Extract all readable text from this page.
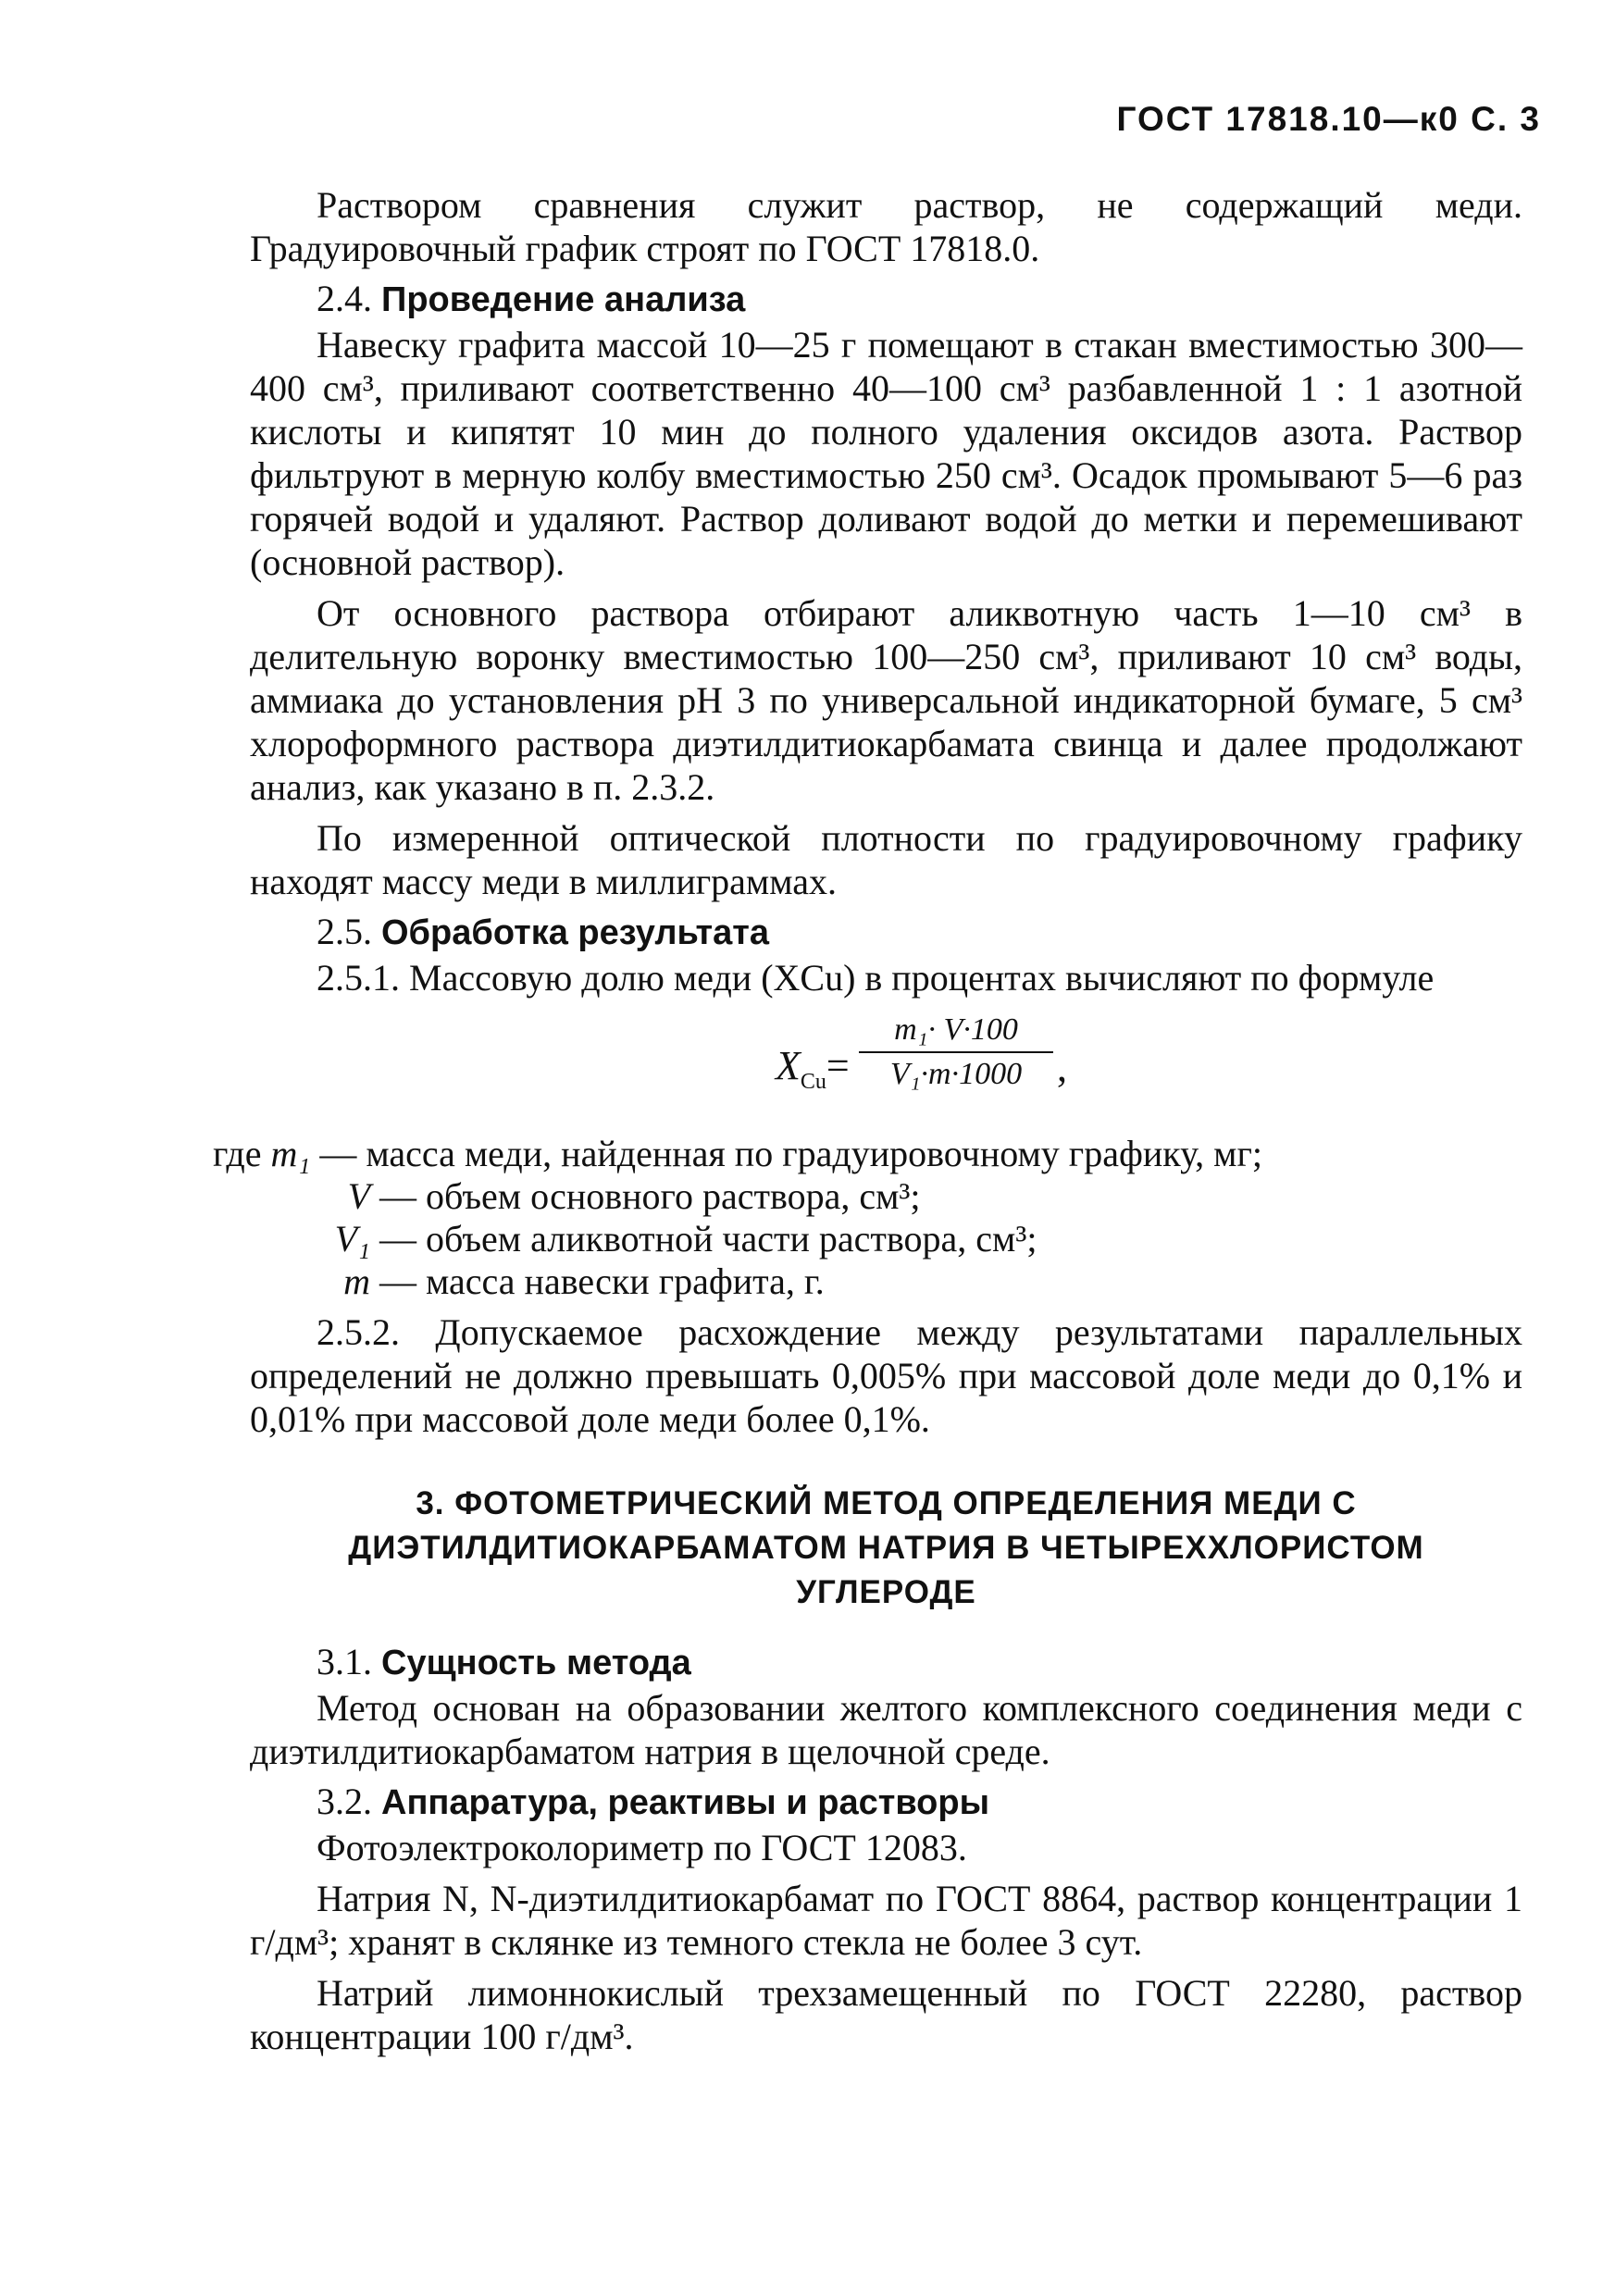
ГОСТ 17818.10—к0 С. 3

Раствором сравнения служит раствор, не содержащий меди. Градуировочный график строят по ГОСТ 17818.0.

2.4. Проведение анализа

Навеску графита массой 10—25 г помещают в стакан вместимостью 300—400 см³, приливают соответственно 40—100 см³ разбавленной 1 : 1 азотной кислоты и кипятят 10 мин до полного удаления оксидов азота. Раствор фильтруют в мерную колбу вместимостью 250 см³. Осадок промывают 5—6 раз горячей водой и удаляют. Раствор доливают водой до метки и перемешивают (основной раствор).

От основного раствора отбирают аликвотную часть 1—10 см³ в делительную воронку вместимостью 100—250 см³, приливают 10 см³ воды, аммиака до установления pH 3 по универсальной индикаторной бумаге, 5 см³ хлороформного раствора диэтилдитиокарбамата свинца и далее продолжают анализ, как указано в п. 2.3.2.

По измеренной оптической плотности по градуировочному графику находят массу меди в миллиграммах.

2.5. Обработка результата

2.5.1. Массовую долю меди (XCu) в процентах вычисляют по формуле

$X_{Cu}= \frac{\text{m₁· V·100}}{\text{V₁·m·1000}}$ ,

где m₁ — масса меди, найденная по градуировочному графику, мг;

V — объем основного раствора, см³;

V₁ — объем аликвотной части раствора, см³;

m — масса навески графита, г.

2.5.2. Допускаемое расхождение между результатами параллельных определений не должно превышать 0,005% при массовой доле меди до 0,1% и 0,01% при массовой доле меди более 0,1%.

3. ФОТОМЕТРИЧЕСКИЙ МЕТОД ОПРЕДЕЛЕНИЯ МЕДИ С
ДИЭТИЛДИТИОКАРБАМАТОМ НАТРИЯ В ЧЕТЫРЕХХЛОРИСТОМ
УГЛЕРОДЕ

3.1. Сущность метода

Метод основан на образовании желтого комплексного соединения меди с диэтилдитиокарбаматом натрия в щелочной среде.

3.2. Аппаратура, реактивы и растворы

Фотоэлектроколориметр по ГОСТ 12083.

Натрия N, N-диэтилдитиокарбамат по ГОСТ 8864, раствор концентрации 1 г/дм³; хранят в склянке из темного стекла не более 3 сут.

Натрий лимоннокислый трехзамещенный по ГОСТ 22280, раствор концентрации 100 г/дм³.
